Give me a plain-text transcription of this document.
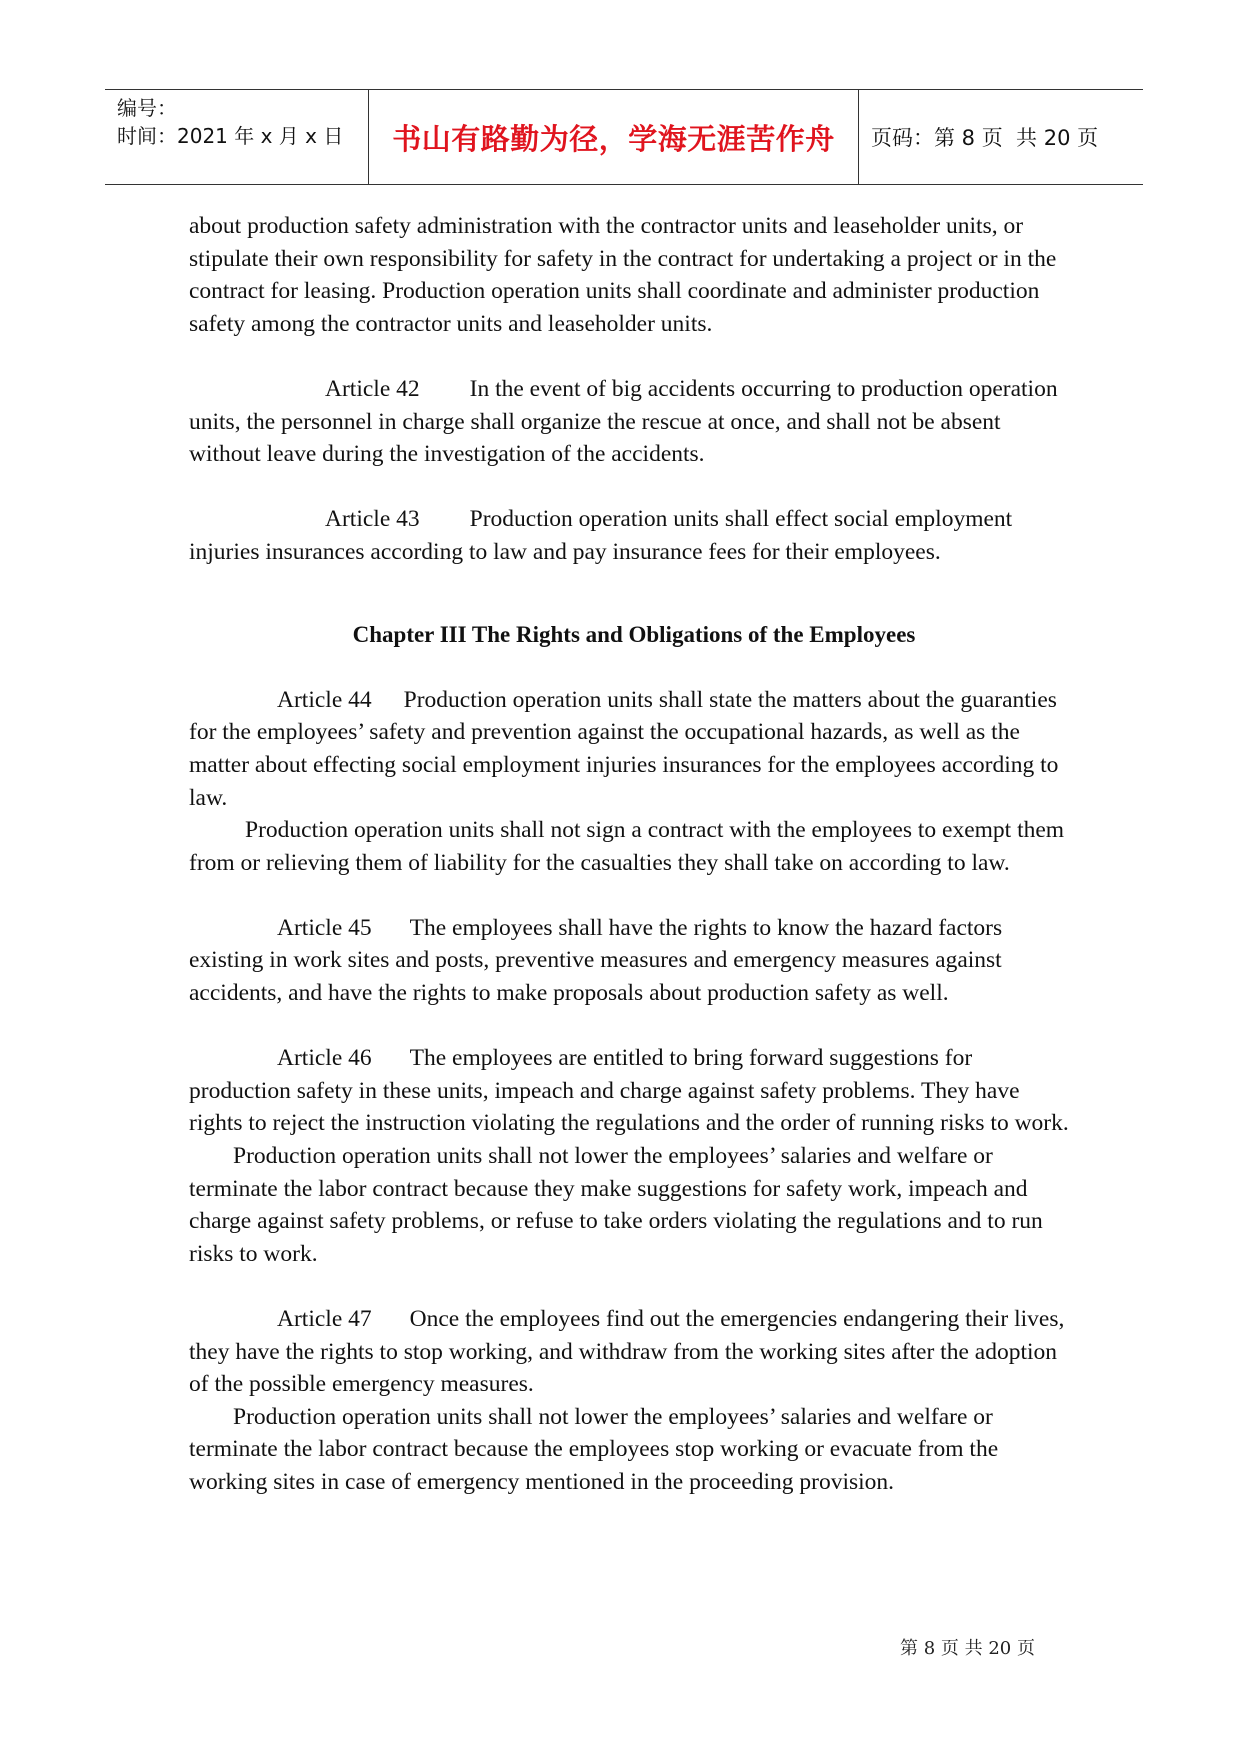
编号：
时间：2021 年 x 月 x 日	书山有路勤为径，学海无涯苦作舟	页码：第 8 页  共 20 页

about production safety administration with the contractor units and leaseholder units, or stipulate their own responsibility for safety in the contract for undertaking a project or in the contract for leasing. Production operation units shall coordinate and administer production safety among the contractor units and leaseholder units.

Article 42 In the event of big accidents occurring to production operation units, the personnel in charge shall organize the rescue at once, and shall not be absent without leave during the investigation of the accidents.

Article 43 Production operation units shall effect social employment injuries insurances according to law and pay insurance fees for their employees.

Chapter III The Rights and Obligations of the Employees

Article 44 Production operation units shall state the matters about the guaranties for the employees’ safety and prevention against the occupational hazards, as well as the matter about effecting social employment injuries insurances for the employees according to law.

Production operation units shall not sign a contract with the employees to exempt them from or relieving them of liability for the casualties they shall take on according to law.

Article 45 The employees shall have the rights to know the hazard factors existing in work sites and posts, preventive measures and emergency measures against accidents, and have the rights to make proposals about production safety as well.

Article 46 The employees are entitled to bring forward suggestions for production safety in these units, impeach and charge against safety problems. They have rights to reject the instruction violating the regulations and the order of running risks to work.

Production operation units shall not lower the employees’ salaries and welfare or terminate the labor contract because they make suggestions for safety work, impeach and charge against safety problems, or refuse to take orders violating the regulations and to run risks to work.

Article 47 Once the employees find out the emergencies endangering their lives, they have the rights to stop working, and withdraw from the working sites after the adoption of the possible emergency measures.

Production operation units shall not lower the employees’ salaries and welfare or terminate the labor contract because the employees stop working or evacuate from the working sites in case of emergency mentioned in the proceeding provision.

第 8 页 共 20 页
